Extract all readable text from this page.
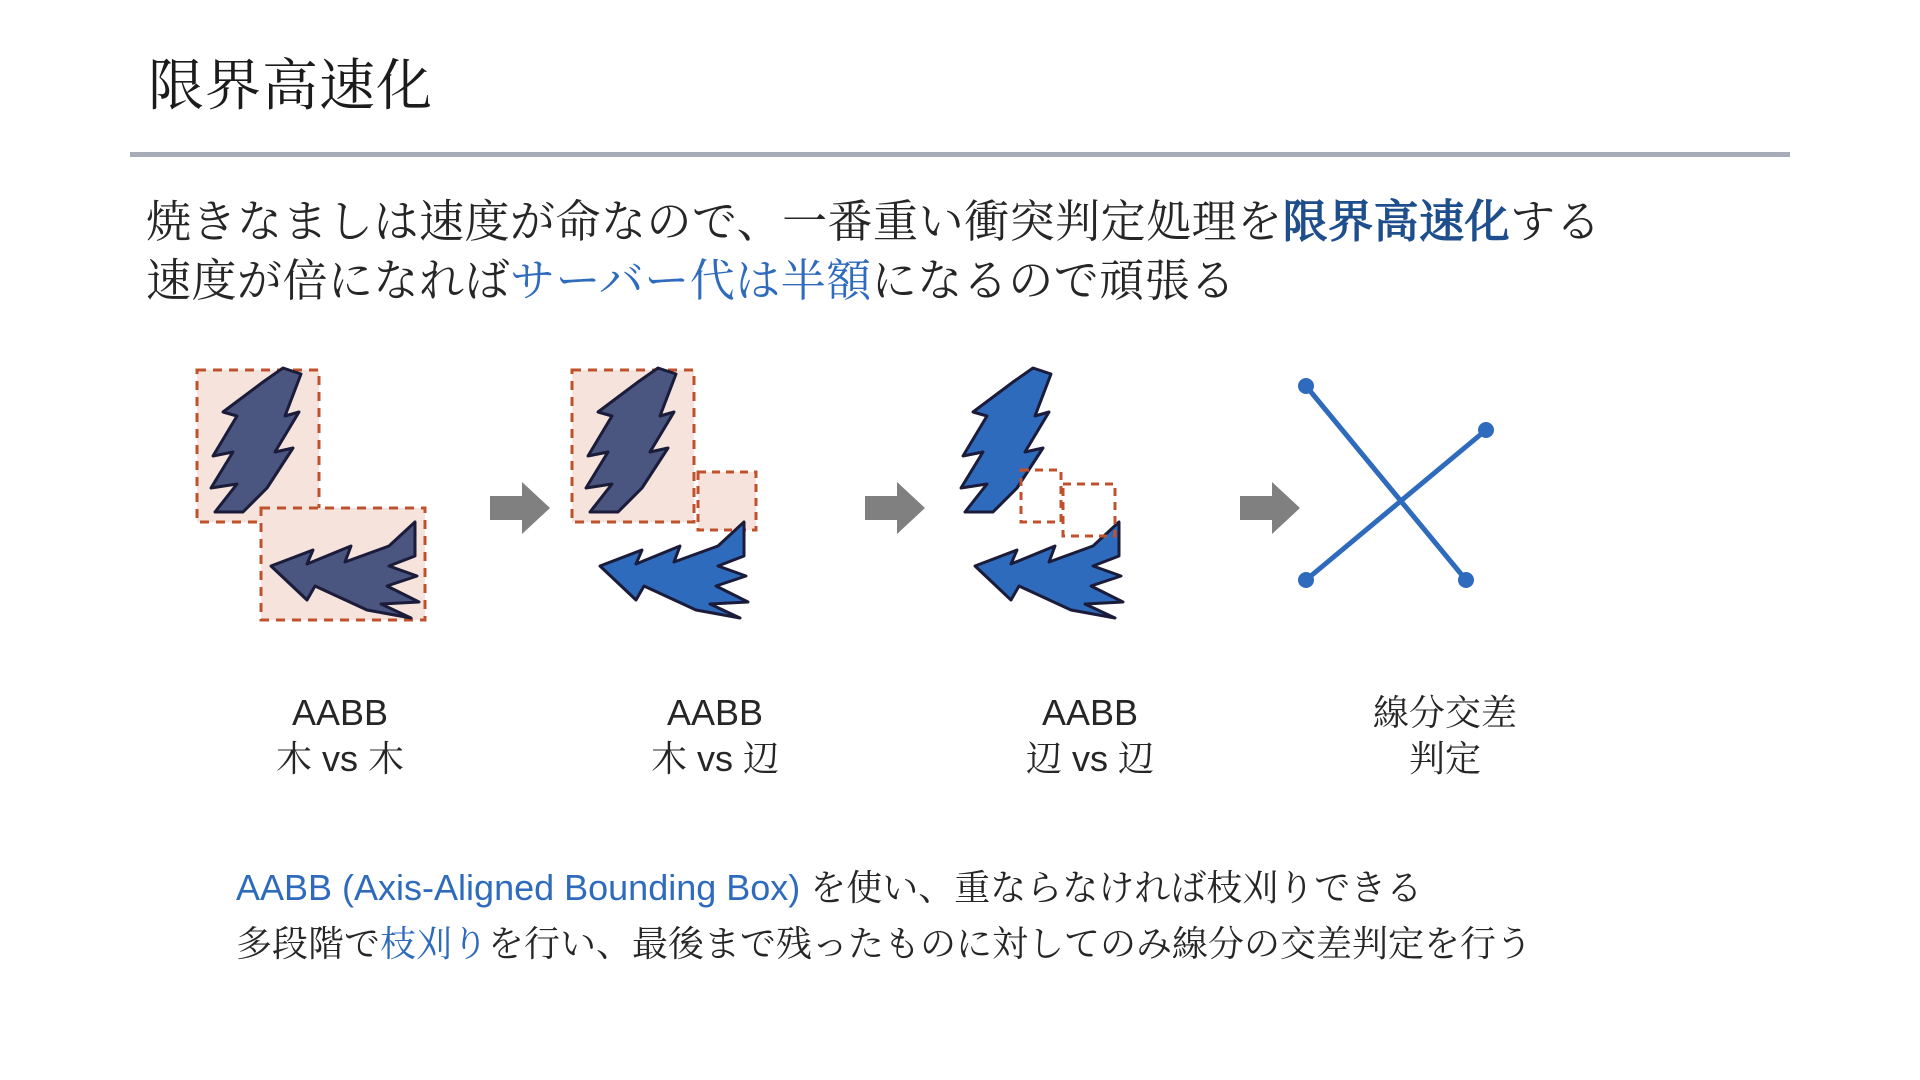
限界高速化
焼きなましは速度が命なので、一番重い衝突判定処理を限界高速化する
速度が倍になればサーバー代は半額になるので頑張る
AABB
木 vs 木
AABB
木 vs 辺
AABB
辺 vs 辺
線分交差
判定
AABB (Axis-Aligned Bounding Box) を使い、重ならなければ枝刈りできる
多段階で枝刈りを行い、最後まで残ったものに対してのみ線分の交差判定を行う
